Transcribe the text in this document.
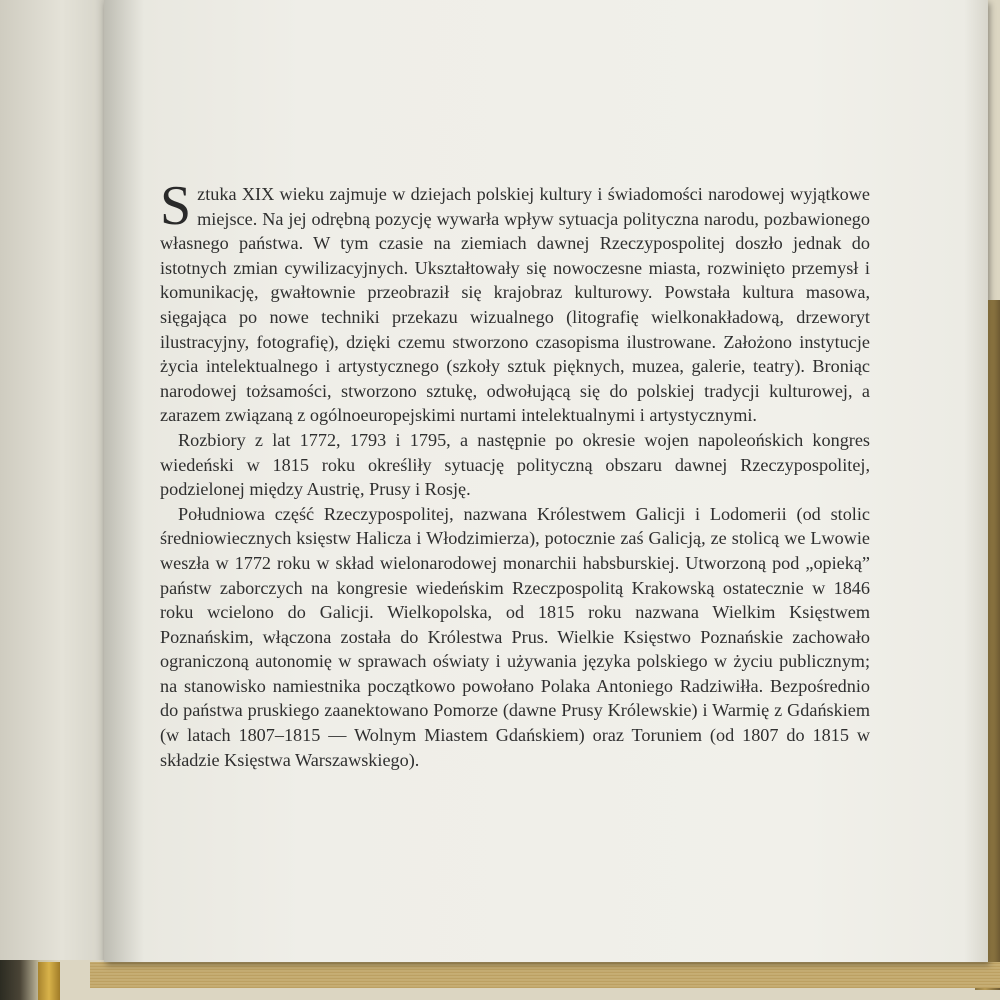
Sztuka XIX wieku zajmuje w dziejach polskiej kultury i świadomości narodowej wyjątkowe miejsce. Na jej odrębną pozycję wywarła wpływ sytuacja polityczna narodu, pozbawionego własnego państwa. W tym czasie na ziemiach dawnej Rzeczypospolitej doszło jednak do istotnych zmian cywilizacyjnych. Ukształtowały się nowoczesne miasta, rozwinięto przemysł i komunikację, gwałtownie przeobraził się krajobraz kulturowy. Powstała kultura masowa, sięgająca po nowe techniki przekazu wizualnego (litografię wielkonakładową, drzeworyt ilustracyjny, fotografię), dzięki czemu stworzono czasopisma ilustrowane. Założono instytucje życia intelektualnego i artystycznego (szkoły sztuk pięknych, muzea, galerie, teatry). Broniąc narodowej tożsamości, stworzono sztukę, odwołującą się do polskiej tradycji kulturowej, a zarazem związaną z ogólnoeuropejskimi nurtami intelektualnymi i artystycznymi.

Rozbiory z lat 1772, 1793 i 1795, a następnie po okresie wojen napoleońskich kongres wiedeński w 1815 roku określiły sytuację polityczną obszaru dawnej Rzeczypospolitej, podzielonej między Austrię, Prusy i Rosję.

Południowa część Rzeczypospolitej, nazwana Królestwem Galicji i Lodomerii (od stolic średniowiecznych księstw Halicza i Włodzimierza), potocznie zaś Galicją, ze stolicą we Lwowie weszła w 1772 roku w skład wielonarodowej monarchii habsburskiej. Utworzoną pod „opieką” państw zaborczych na kongresie wiedeńskim Rzeczpospolitą Krakowską ostatecznie w 1846 roku wcielono do Galicji. Wielkopolska, od 1815 roku nazwana Wielkim Księstwem Poznańskim, włączona została do Królestwa Prus. Wielkie Księstwo Poznańskie zachowało ograniczoną autonomię w sprawach oświaty i używania języka polskiego w życiu publicznym; na stanowisko namiestnika początkowo powołano Polaka Antoniego Radziwiłła. Bezpośrednio do państwa pruskiego zaanektowano Pomorze (dawne Prusy Królewskie) i Warmię z Gdańskiem (w latach 1807–1815 — Wolnym Miastem Gdańskiem) oraz Toruniem (od 1807 do 1815 w składzie Księstwa Warszawskiego).
